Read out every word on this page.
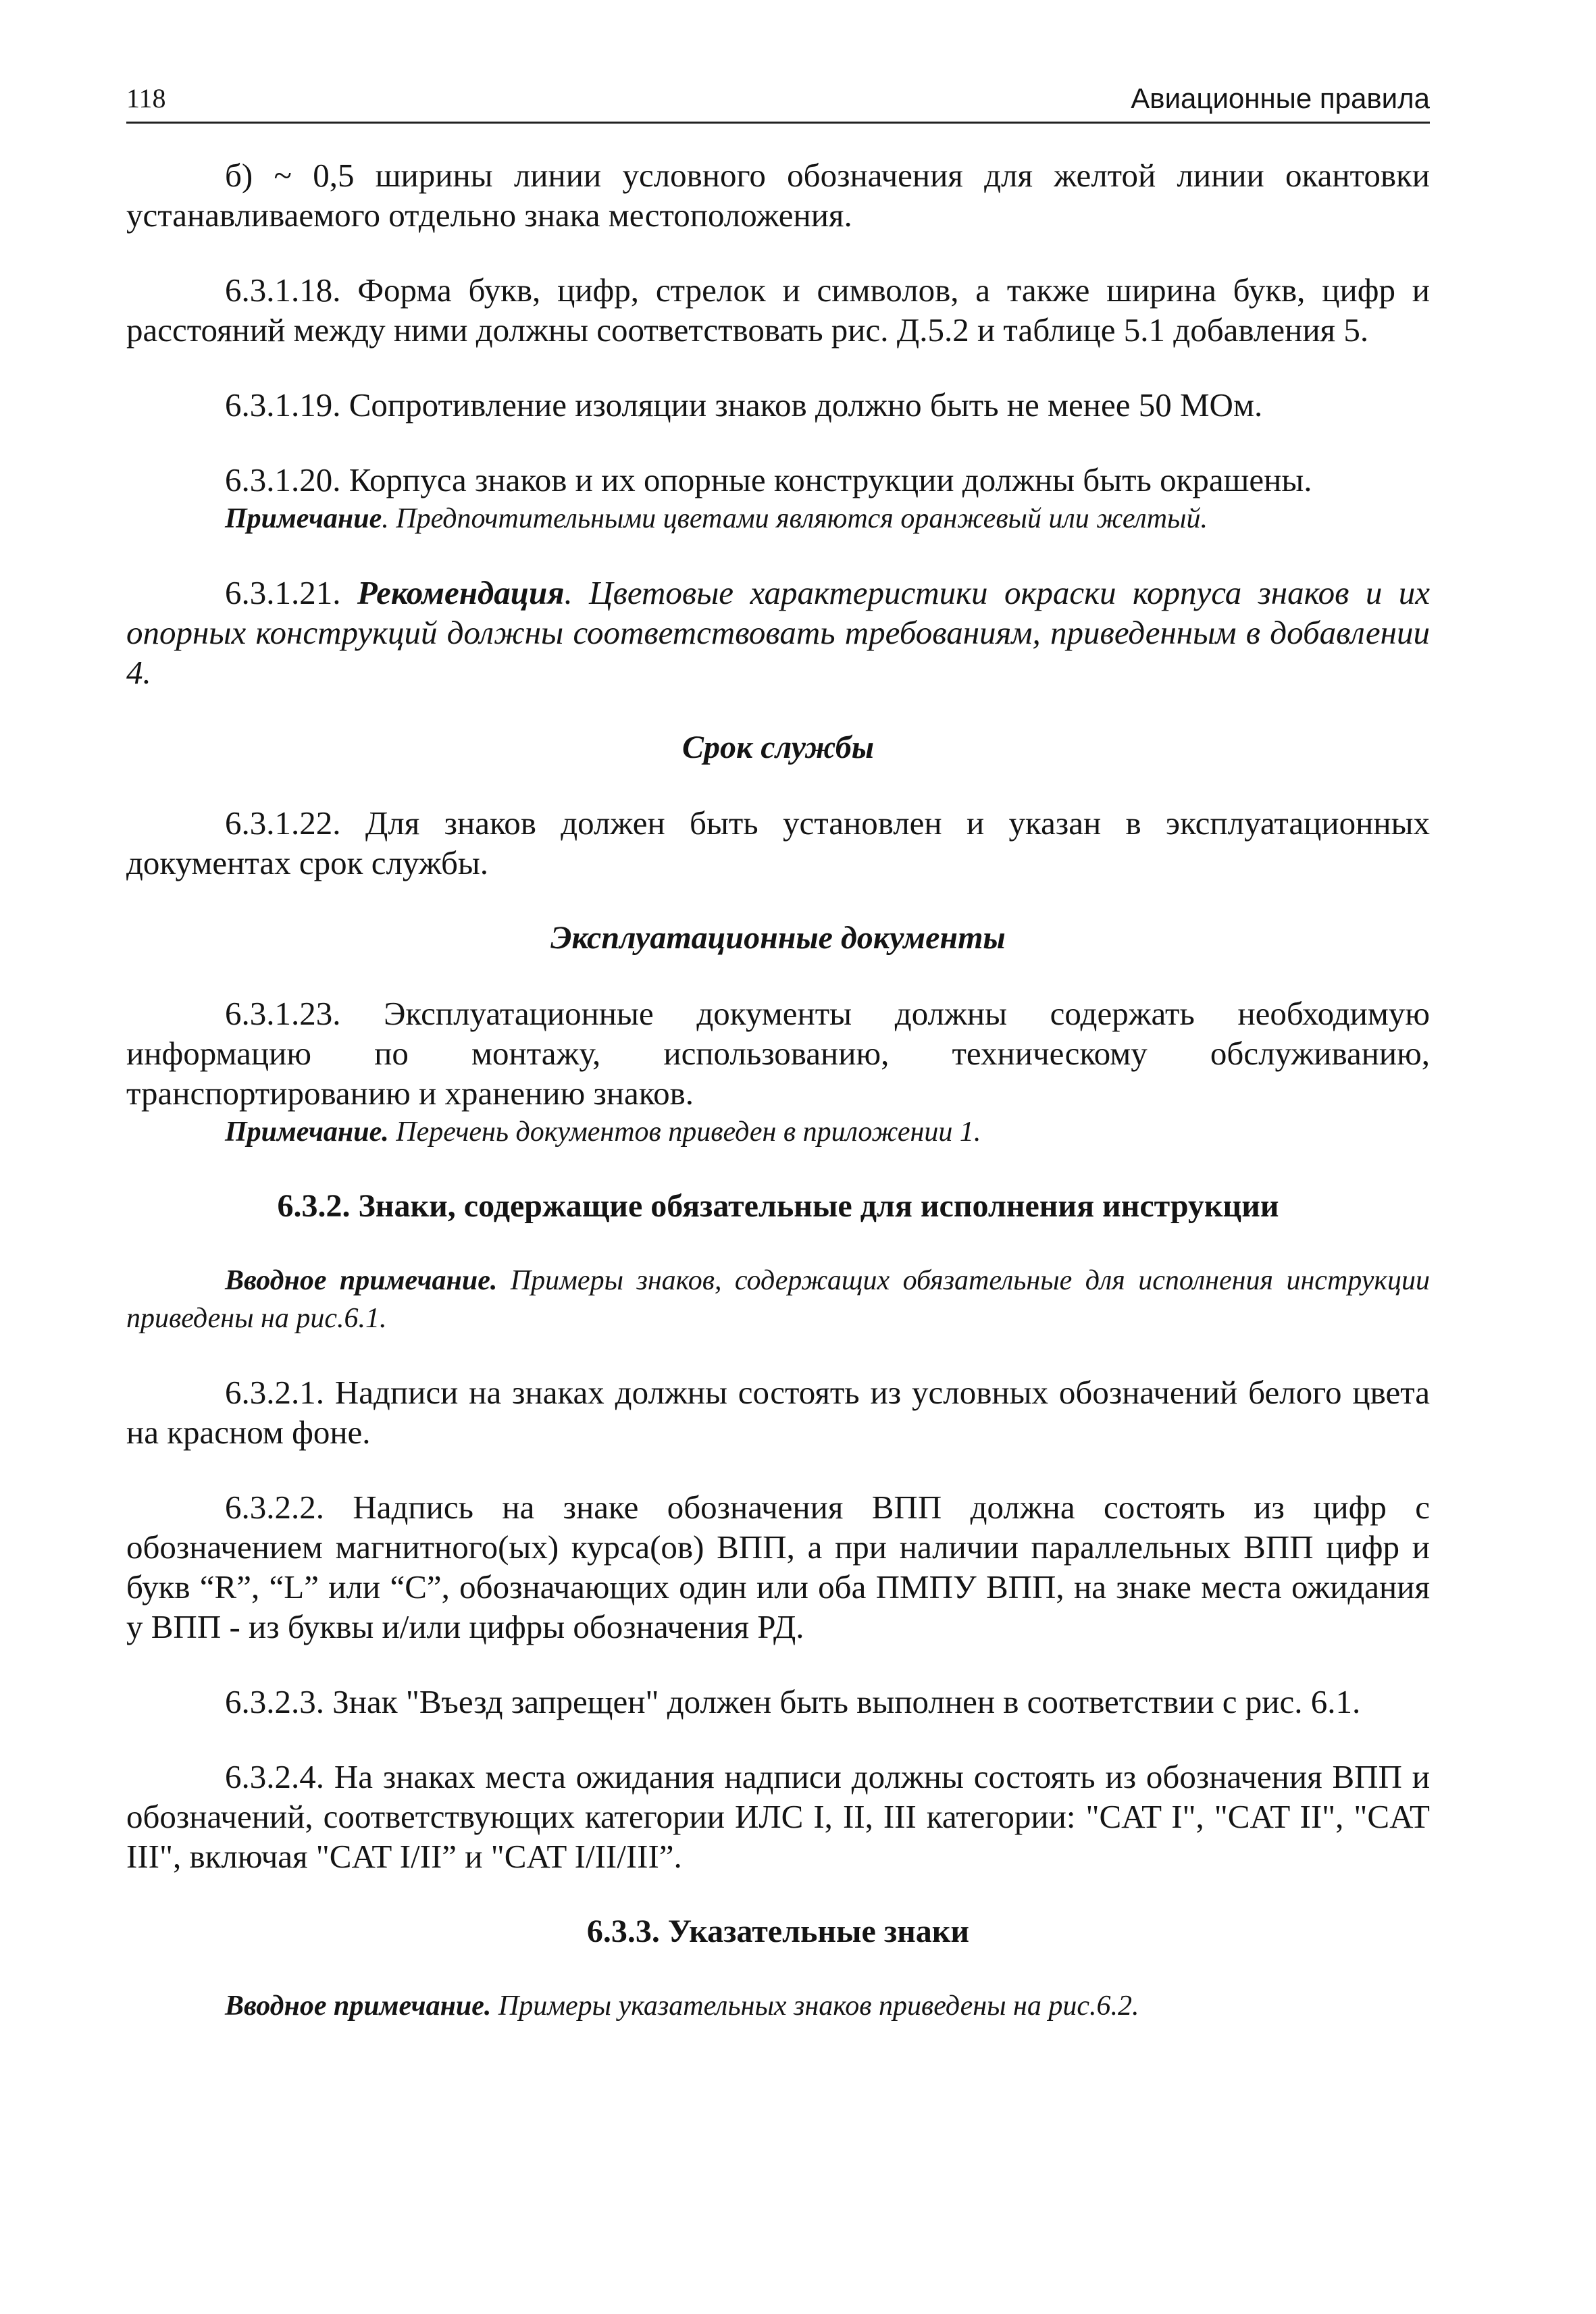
118	Авиационные правила

б) ~ 0,5 ширины линии условного обозначения для желтой линии окантовки устанавливаемого отдельно знака местоположения.

6.3.1.18. Форма букв, цифр, стрелок и символов, а также ширина букв, цифр и расстояний между ними должны соответствовать рис. Д.5.2 и таблице 5.1 добавления 5.

6.3.1.19. Сопротивление изоляции знаков должно быть не менее 50 МОм.

6.3.1.20. Корпуса знаков и их опорные конструкции должны быть окрашены.

Примечание. Предпочтительными цветами являются оранжевый или желтый.

6.3.1.21. Рекомендация. Цветовые характеристики окраски корпуса знаков и их опорных конструкций должны соответствовать требованиям, приведенным в добавлении 4.

Срок службы

6.3.1.22. Для знаков должен быть установлен и указан в эксплуатационных документах срок службы.

Эксплуатационные документы

6.3.1.23. Эксплуатационные документы должны содержать необходимую информацию по монтажу, использованию, техническому обслуживанию, транспортированию и хранению знаков.

Примечание. Перечень документов приведен в приложении 1.

6.3.2. Знаки, содержащие обязательные для исполнения инструкции

Вводное примечание. Примеры знаков, содержащих обязательные для исполнения инструкции приведены на рис.6.1.

6.3.2.1. Надписи на знаках должны состоять из условных обозначений белого цвета на красном фоне.

6.3.2.2. Надпись на знаке обозначения ВПП должна состоять из цифр с обозначением магнитного(ых) курса(ов) ВПП, а при наличии параллельных ВПП цифр и букв “R”, “L” или “C”, обозначающих один или оба ПМПУ ВПП, на знаке места ожидания у ВПП - из буквы и/или цифры обозначения РД.

6.3.2.3. Знак "Въезд запрещен" должен быть выполнен в соответствии с рис. 6.1.

6.3.2.4. На знаках места ожидания надписи должны состоять из обозначения ВПП и обозначений, соответствующих категории ИЛС I, II, III категории: "CAT I", "CAT II", "CAT III", включая "CAT I/II” и "CAT I/II/III”.

6.3.3. Указательные знаки

Вводное примечание. Примеры указательных знаков приведены на рис.6.2.
